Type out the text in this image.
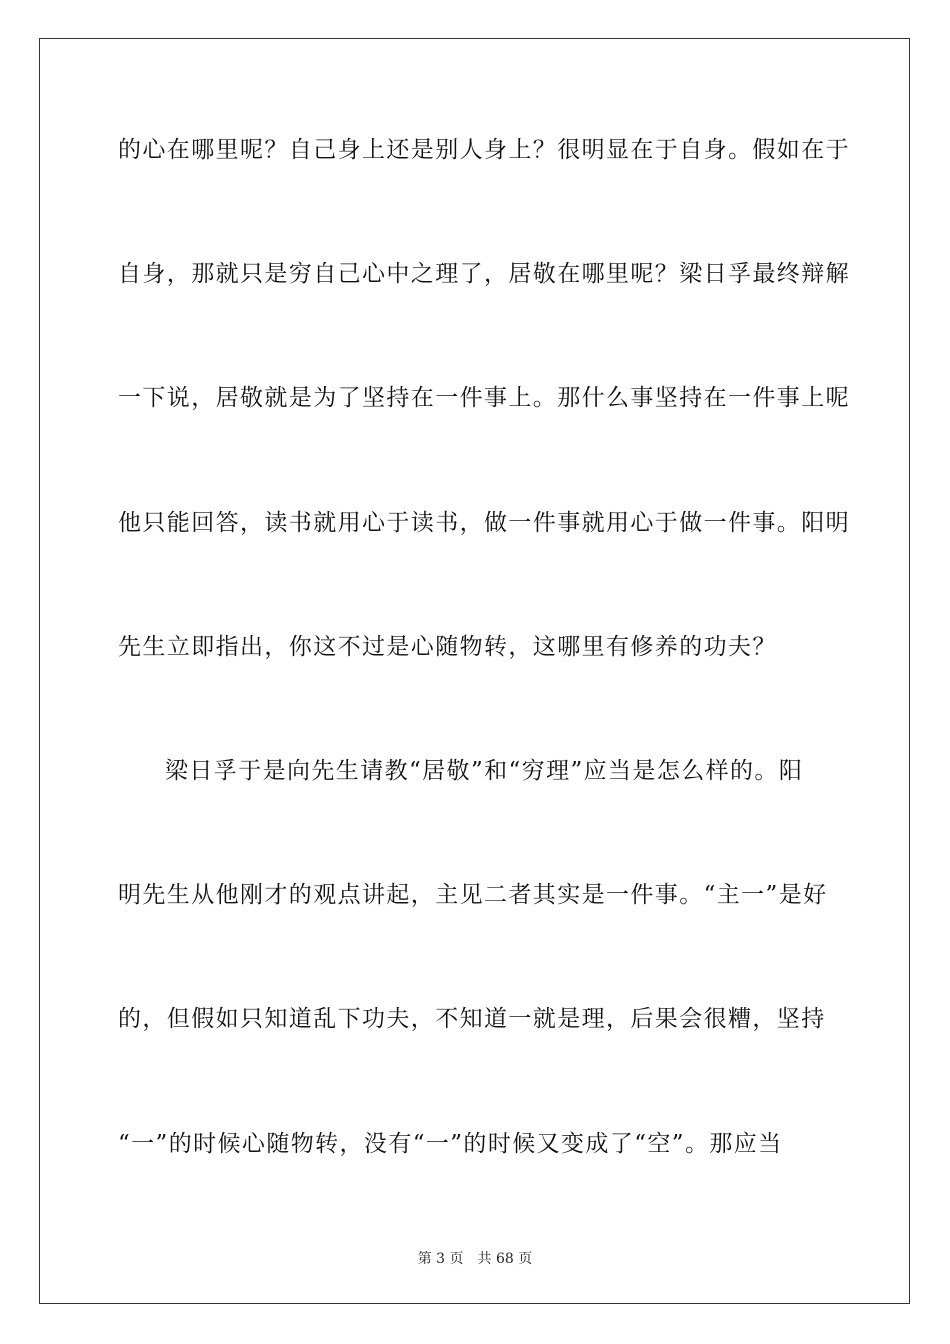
的心在哪里呢？自己身上还是别人身上？很明显在于自身。假如在于
自身，那就只是穷自己心中之理了，居敬在哪里呢？梁日孚最终辩解
一下说，居敬就是为了坚持在一件事上。那什么事坚持在一件事上呢
他只能回答，读书就用心于读书，做一件事就用心于做一件事。阳明
先生立即指出，你这不过是心随物转，这哪里有修养的功夫？
梁日孚于是向先生请教“居敬”和“穷理”应当是怎么样的。阳
明先生从他刚才的观点讲起，主见二者其实是一件事。“主一”是好
的，但假如只知道乱下功夫，不知道一就是理，后果会很糟，坚持
“一”的时候心随物转，没有“一”的时候又变成了“空”。那应当
第 3 页　共 68 页
